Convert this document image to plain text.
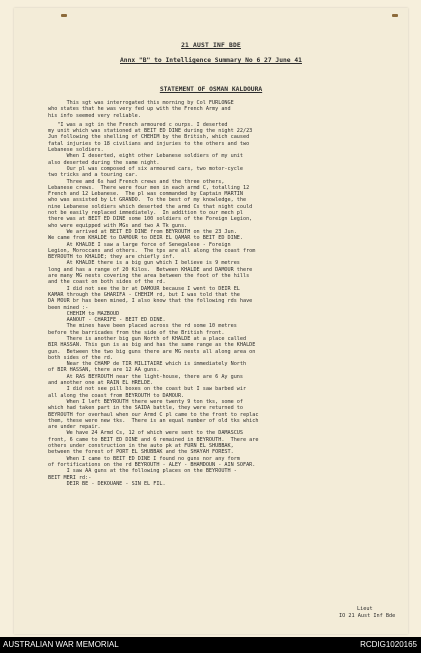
21 AUST INF BDE
Annx "B" to Intelligence Summary No 6 27 June 41
STATEMENT OF OSMAN KALDOURA

This sgt was interrogated this morning by Col FURLONGE

who states that he was very fed up with the French Army and

his info seemed very reliable.

"I was a sgt in the French armoured c ourps. I deserted

my unit which was stationed at BEIT ED DINE during the night 22/23

Jun following the shelling of CHEHIM by the British, which caused

fatal injuries to 18 civilians and injuries to the others and two

Lebanese soldiers.

When I deserted, eight other Lebanese soldiers of my unit

also deserted during the same night.

Our pl was composed of six armoured cars, two motor-cycle

two tricks and a touring car.

Three amd 6s had French crews and the three others,

Lebanese crews.  There were four men in each armd C, totalling 12

French and 12 Lebanese.  The pl was commanded by Captain MARTIN

who was assisted by Lt GRANDO.  To the best of my knowledge, the

nine Lebanese soldiers which deserted the armd Cs that night could

not be easily replaced immediately.  In addition to our mech pl

there was at BEIT ED DINE some 100 soldiers of the Foreign Legion,

who were equipped with MGs and two A Tk guns.

We arrived at BEIT ED DINE from BEYROUTH on the 23 Jun.

We came from KHALDE to DAMOUR to DEIR EL QAMAR to BEIT ED DINE.

At KHALDE I saw a large force of Senegalese - Foreign

Legion, Moroccans and others.  The tps are all along the coast from

BEYROUTH to KHALDE; they are chiefly inf.

At KHALDE there is a big gun which I believe is 9 metres

long and has a range of 20 Kilos.  Between KHALDE and DAMOUR there

are many MG nests covering the area between the foot of the hills

and the coast on both sides of the rd.

I did not see the br at DAMOUR because I went to DEIR EL

KAMAR through the GHARIFA - CHEHIM rd, but I was told that the

DA MOUR br has been mined, I also know that the following rds have

been mined :-

CHEHIM to MAZBOUD

AANOUT - CHARIFE - BEIT ED DINE.

The mines have been placed across the rd some 10 metres

before the barricades from the side of the British front.

There is another big gun North of KHALDE at a place called

BIR HASSAN. This gun is as big and has the same range as the KHALDE

gun.  Between the two big guns there are MG nests all along area on

both sides of the rd.

Near the CHAMP de TIR MILITAIRE which is immediately North

of BIR HASSAN, there are 12 AA guns.

At RAS BEYROUTH near the light-house, there are 6 Ay guns

and another one at RAIN EL HRELDE.

I did not see pill boxes on the coast but I saw barbed wir

all along the coast from BEYROUTH to DAMOUR.

When I left BEYROUTH there were twenty 9 ton tks, some of

which had taken part in the SAIDA battle, they were returned to

BEYROUTH for overhaul when our Armd C pl came to the front to replac

them, these were new tks.  There is an equal number of old tks which

are under repair.

We have 24 Armd Cs, 12 of which were sent to the DAMASCUS

front, 6 came to BEIT ED DINE and 6 remained in BEYROUTH.  There are

others under construction in the auto pk at FURN EL SHUBBAK,

between the forest of PORT EL SHUBBAK and the SHAYAH FOREST.

When I came to BEIT ED DINE I found no guns nor any form

of fortifications on the rd BEYROUTH - ALEY - BHAMDOUN - AIN SOFAR.

I saw AA guns at the following places on the BEYROUTH -

BEIT MERI rd:-

DEIR BE - DEKOUANE - SIN EL FIL.

Lieut
IO 21 Aust Inf Bde
AUSTRALIAN WAR MEMORIAL	RCDIG1020165
